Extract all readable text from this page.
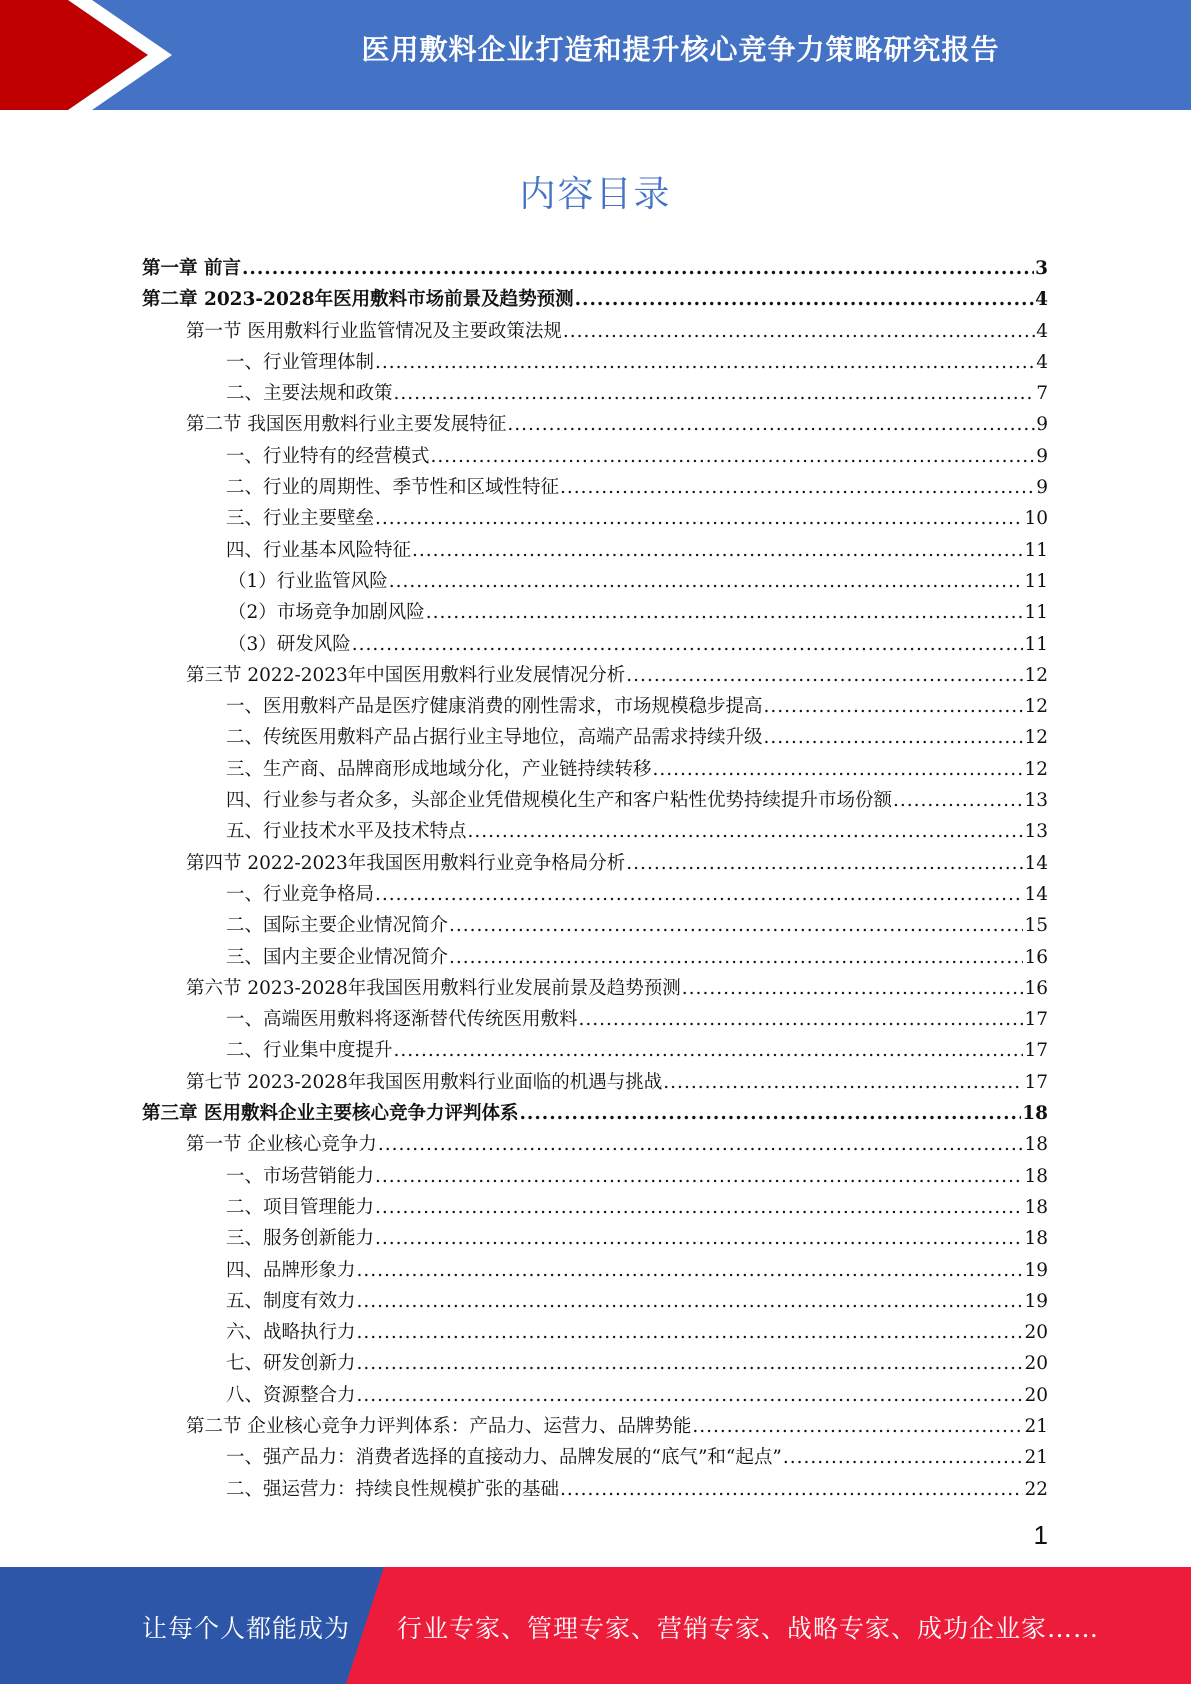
医用敷料企业打造和提升核心竞争力策略研究报告
内容目录
第一章 前言 .....	3
第二章 2023-2028年医用敷料市场前景及趋势预测 .....	4
第一节 医用敷料行业监管情况及主要政策法规 .....	4
一、行业管理体制 .....	4
二、主要法规和政策 .....	7
第二节 我国医用敷料行业主要发展特征 .....	9
一、行业特有的经营模式 .....	9
二、行业的周期性、季节性和区域性特征 .....	9
三、行业主要壁垒 .....	10
四、行业基本风险特征 .....	11
（1）行业监管风险 .....	11
（2）市场竞争加剧风险 .....	11
（3）研发风险 .....	11
第三节 2022-2023年中国医用敷料行业发展情况分析 .....	12
一、医用敷料产品是医疗健康消费的刚性需求，市场规模稳步提高 .....	12
二、传统医用敷料产品占据行业主导地位，高端产品需求持续升级 .....	12
三、生产商、品牌商形成地域分化，产业链持续转移 .....	12
四、行业参与者众多，头部企业凭借规模化生产和客户粘性优势持续提升市场份额 .....	13
五、行业技术水平及技术特点 .....	13
第四节 2022-2023年我国医用敷料行业竞争格局分析 .....	14
一、行业竞争格局 .....	14
二、国际主要企业情况简介 .....	15
三、国内主要企业情况简介 .....	16
第六节 2023-2028年我国医用敷料行业发展前景及趋势预测 .....	16
一、高端医用敷料将逐渐替代传统医用敷料 .....	17
二、行业集中度提升 .....	17
第七节 2023-2028年我国医用敷料行业面临的机遇与挑战 .....	17
第三章 医用敷料企业主要核心竞争力评判体系 .....	18
第一节 企业核心竞争力 .....	18
一、市场营销能力 .....	18
二、项目管理能力 .....	18
三、服务创新能力 .....	18
四、品牌形象力 .....	19
五、制度有效力 .....	19
六、战略执行力 .....	20
七、研发创新力 .....	20
八、资源整合力 .....	20
第二节 企业核心竞争力评判体系：产品力、运营力、品牌势能 .....	21
一、强产品力：消费者选择的直接动力、品牌发展的“底气”和“起点” .....	21
二、强运营力：持续良性规模扩张的基础 .....	22
1
让每个人都能成为 行业专家、管理专家、营销专家、战略专家、成功企业家……
